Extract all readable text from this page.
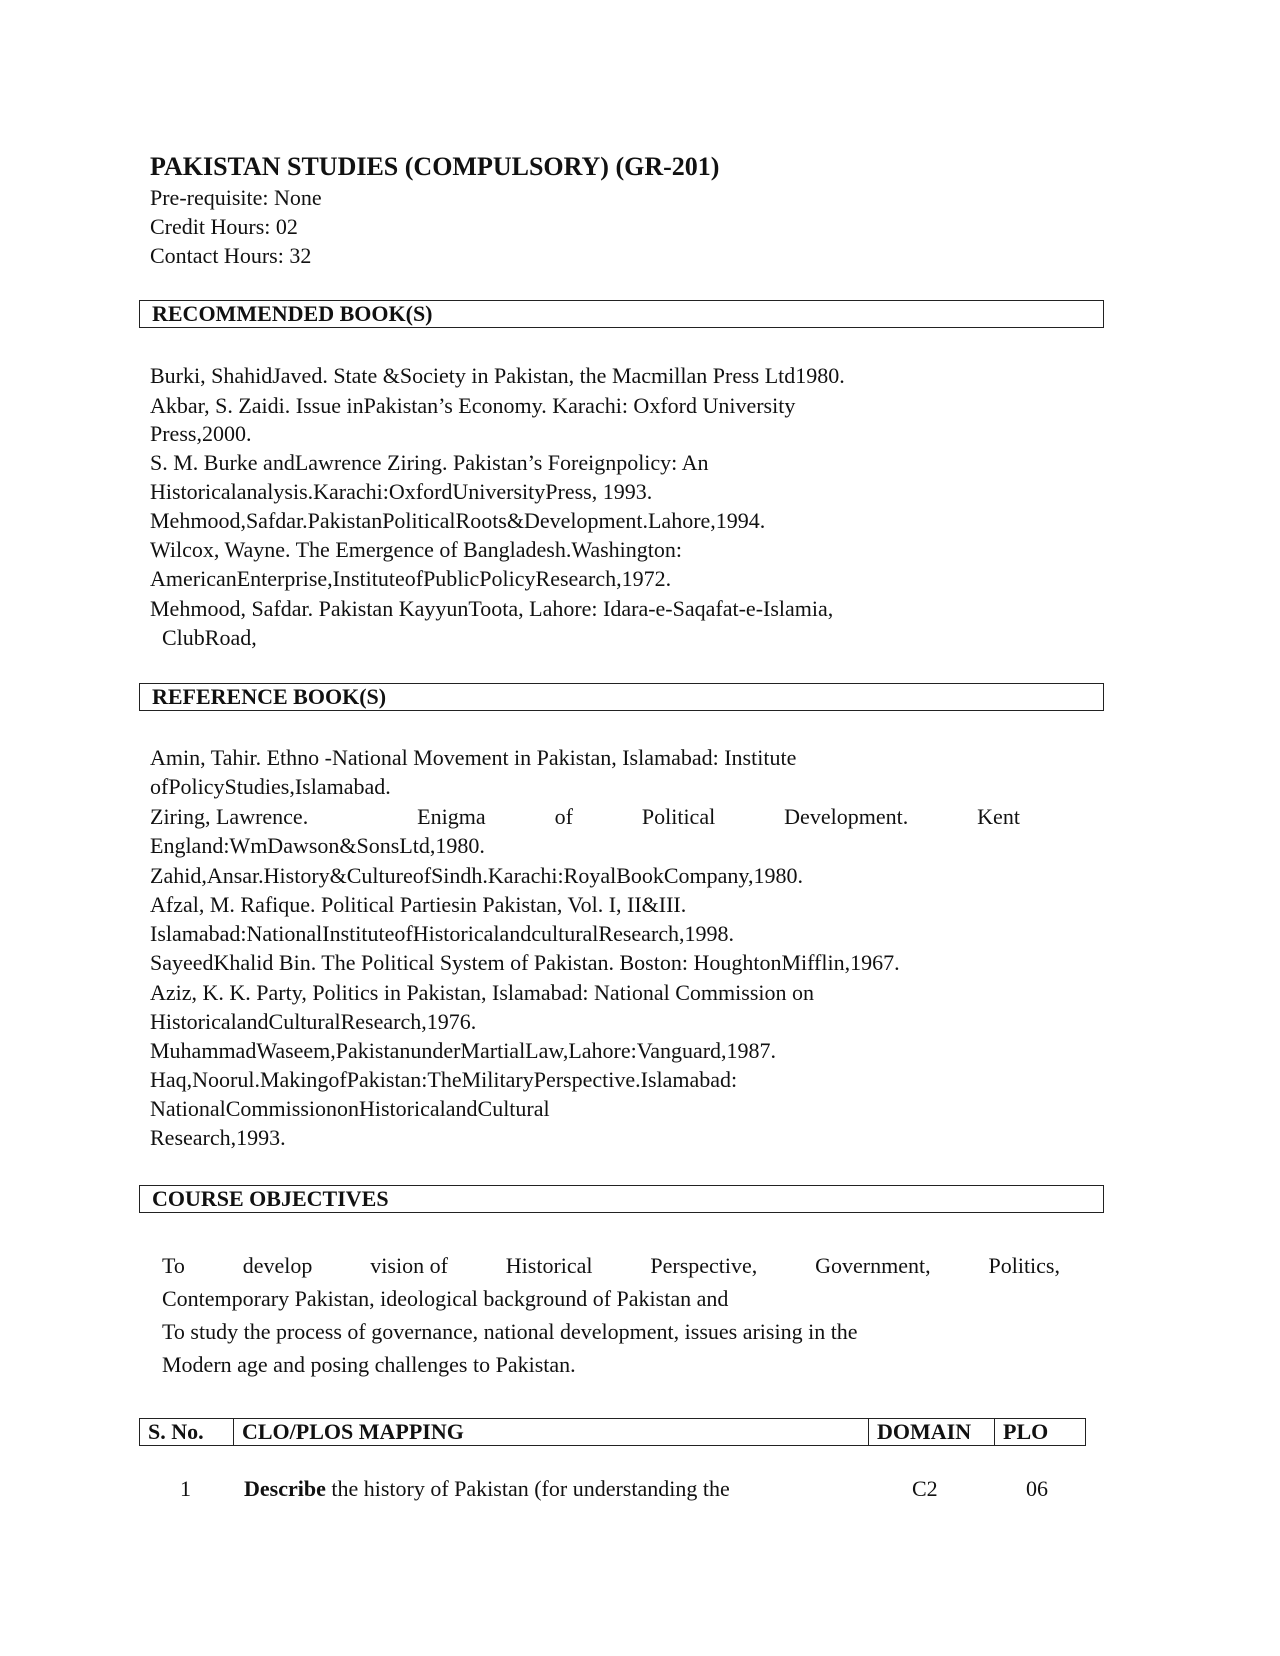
PAKISTAN STUDIES (COMPULSORY) (GR-201)
Pre-requisite: None
Credit Hours: 02
Contact Hours: 32
RECOMMENDED BOOK(S)
Burki, ShahidJaved. State &Society in Pakistan, the Macmillan Press Ltd1980.
Akbar, S. Zaidi. Issue inPakistan’s Economy. Karachi: Oxford University
Press,2000.
S. M. Burke andLawrence Ziring. Pakistan’s Foreignpolicy: An
Historicalanalysis.Karachi:OxfordUniversityPress, 1993.
Mehmood,Safdar.PakistanPoliticalRoots&Development.Lahore,1994.
Wilcox, Wayne. The Emergence of Bangladesh.Washington:
AmericanEnterprise,InstituteofPublicPolicyResearch,1972.
Mehmood, Safdar. Pakistan KayyunToota, Lahore: Idara-e-Saqafat-e-Islamia,
ClubRoad,
REFERENCE BOOK(S)
Amin, Tahir. Ethno -National Movement in Pakistan, Islamabad: Institute
ofPolicyStudies,Islamabad.
Ziring, Lawrence.	Enigma	of	Political	Development.	Kent
England:WmDawson&SonsLtd,1980.
Zahid,Ansar.History&CultureofSindh.Karachi:RoyalBookCompany,1980.
Afzal, M. Rafique. Political Partiesin Pakistan, Vol. I, II&III.
Islamabad:NationalInstituteofHistoricalandculturalResearch,1998.
SayeedKhalid Bin. The Political System of Pakistan. Boston: HoughtonMifflin,1967.
Aziz, K. K. Party, Politics in Pakistan, Islamabad: National Commission on
HistoricalandCulturalResearch,1976.
MuhammadWaseem,PakistanunderMartialLaw,Lahore:Vanguard,1987.
Haq,Noorul.MakingofPakistan:TheMilitaryPerspective.Islamabad:
NationalCommissiononHistoricalandCultural
Research,1993.
COURSE OBJECTIVES
To	develop	vision of	Historical	Perspective,	Government,	Politics,
Contemporary Pakistan, ideological background of Pakistan and
To study the process of governance, national development, issues arising in the
Modern age and posing challenges to Pakistan.
S. No.	CLO/PLOS MAPPING	DOMAIN	PLO
1 Describe the history of Pakistan (for understanding the	C2	06
